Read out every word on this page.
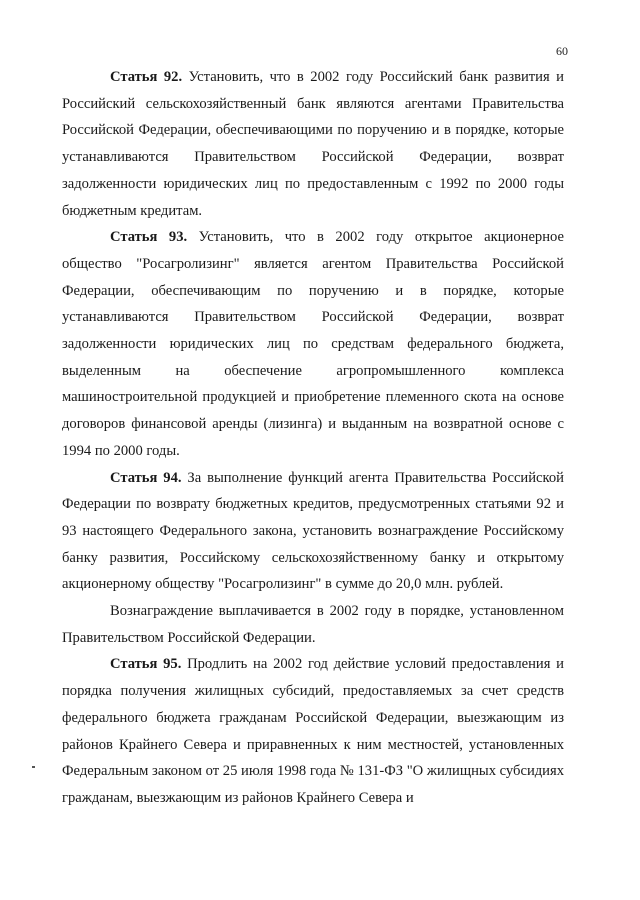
60

Статья 92. Установить, что в 2002 году Российский банк развития и Российский сельскохозяйственный банк являются агентами Правительства Российской Федерации, обеспечивающими по поручению и в порядке, которые устанавливаются Правительством Российской Федерации, возврат задолженности юридических лиц по предоставленным с 1992 по 2000 годы бюджетным кредитам.

Статья 93. Установить, что в 2002 году открытое акционерное общество "Росагролизинг" является агентом Правительства Российской Федерации, обеспечивающим по поручению и в порядке, которые устанавливаются Правительством Российской Федерации, возврат задолженности юридических лиц по средствам федерального бюджета, выделенным на обеспечение агропромышленного комплекса машиностроительной продукцией и приобретение племенного скота на основе договоров финансовой аренды (лизинга) и выданным на возвратной основе с 1994 по 2000 годы.

Статья 94. За выполнение функций агента Правительства Российской Федерации по возврату бюджетных кредитов, предусмотренных статьями 92 и 93 настоящего Федерального закона, установить вознаграждение Российскому банку развития, Российскому сельскохозяйственному банку и открытому акционерному обществу "Росагролизинг" в сумме до 20,0 млн. рублей.

Вознаграждение выплачивается в 2002 году в порядке, установленном Правительством Российской Федерации.

Статья 95. Продлить на 2002 год действие условий предоставления и порядка получения жилищных субсидий, предоставляемых за счет средств федерального бюджета гражданам Российской Федерации, выезжающим из районов Крайнего Севера и приравненных к ним местностей, установленных Федеральным законом от 25 июля 1998 года № 131-ФЗ "О жилищных субсидиях гражданам, выезжающим из районов Крайнего Севера и
